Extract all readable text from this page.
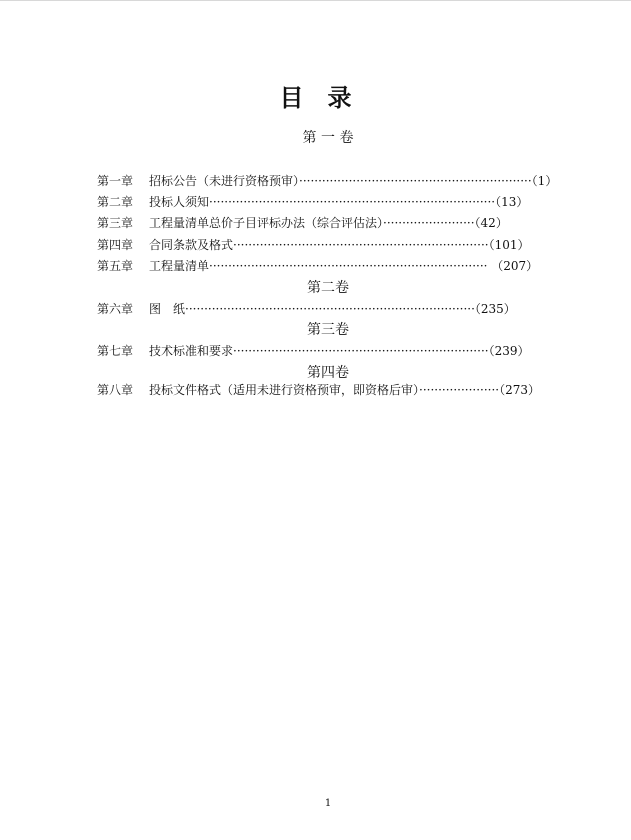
目　录
第 一 卷
第一章 招标公告（未进行资格预审）·····························································（1）
第二章 投标人须知···········································································（13）
第三章 工程量清单总价子目评标办法（综合评估法）························（42）
第四章 合同条款及格式···································································（101）
第五章 工程量清单········································································· （207）
第二卷
第六章 图　纸············································································（235）
第三卷
第七章 技术标准和要求···································································（239）
第四卷
第八章 投标文件格式（适用未进行资格预审，即资格后审）·····················（273）
1
